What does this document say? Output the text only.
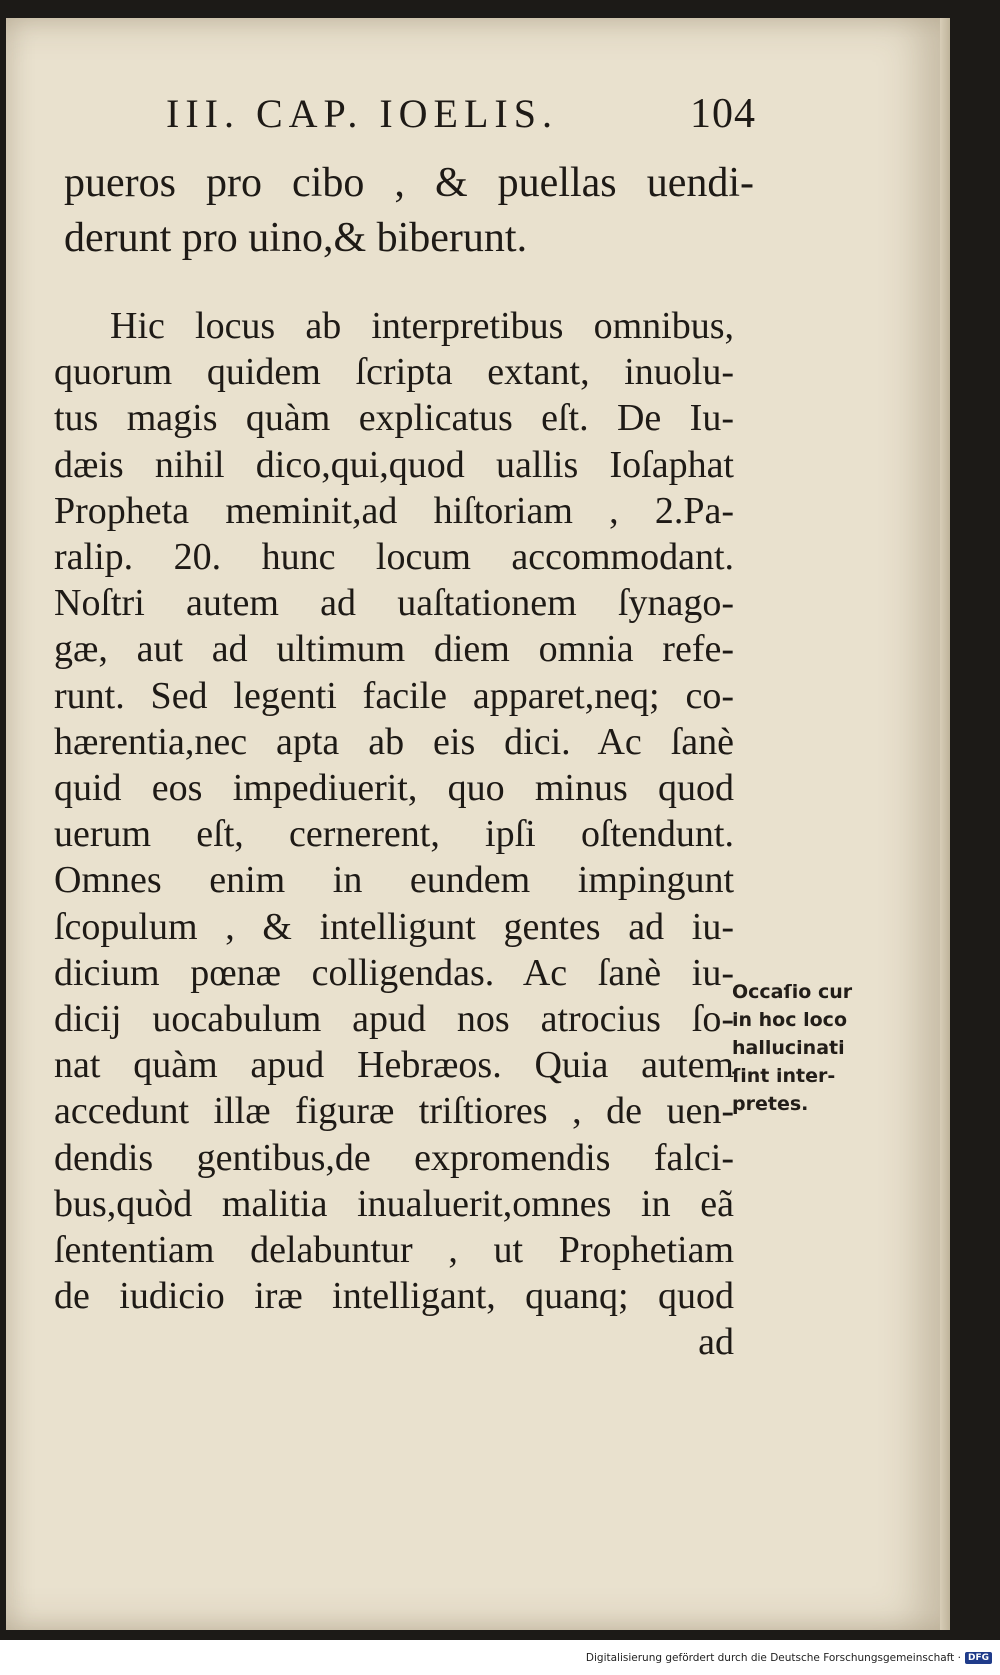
III. CAP. IOELIS.	104
pueros pro cibo , & puellas uendi-
derunt pro uino,& biberunt.
Hic locus ab interpretibus omnibus,
quorum quidem ſcripta extant, inuolu-
tus magis quàm explicatus eſt. De Iu-
dæis nihil dico,qui,quod uallis Ioſaphat
Propheta meminit,ad hiſtoriam , 2.Pa-
ralip. 20. hunc locum accommodant.
Noſtri autem ad uaſtationem ſynago-
gæ, aut ad ultimum diem omnia refe-
runt. Sed legenti facile apparet,neq; co-
hærentia,nec apta ab eis dici. Ac ſanè
quid eos impediuerit, quo minus quod
uerum eſt, cernerent, ipſi oſtendunt.
Omnes enim in eundem impingunt
ſcopulum , & intelligunt gentes ad iu-
dicium pœnæ colligendas. Ac ſanè iu-
dicij uocabulum apud nos atrocius ſo-
nat quàm apud Hebræos. Quia autem
accedunt illæ figuræ triſtiores , de uen-
dendis gentibus,de expromendis falci-
bus,quòd malitia inualuerit,omnes in eã
ſententiam delabuntur , ut Prophetiam
de iudicio iræ intelligant, quanq; quod
ad
Occaſio cur
in hoc loco
hallucinati
ſint inter-
pretes.
Digitalisierung gefördert durch die Deutsche Forschungsgemeinschaft · DFG
